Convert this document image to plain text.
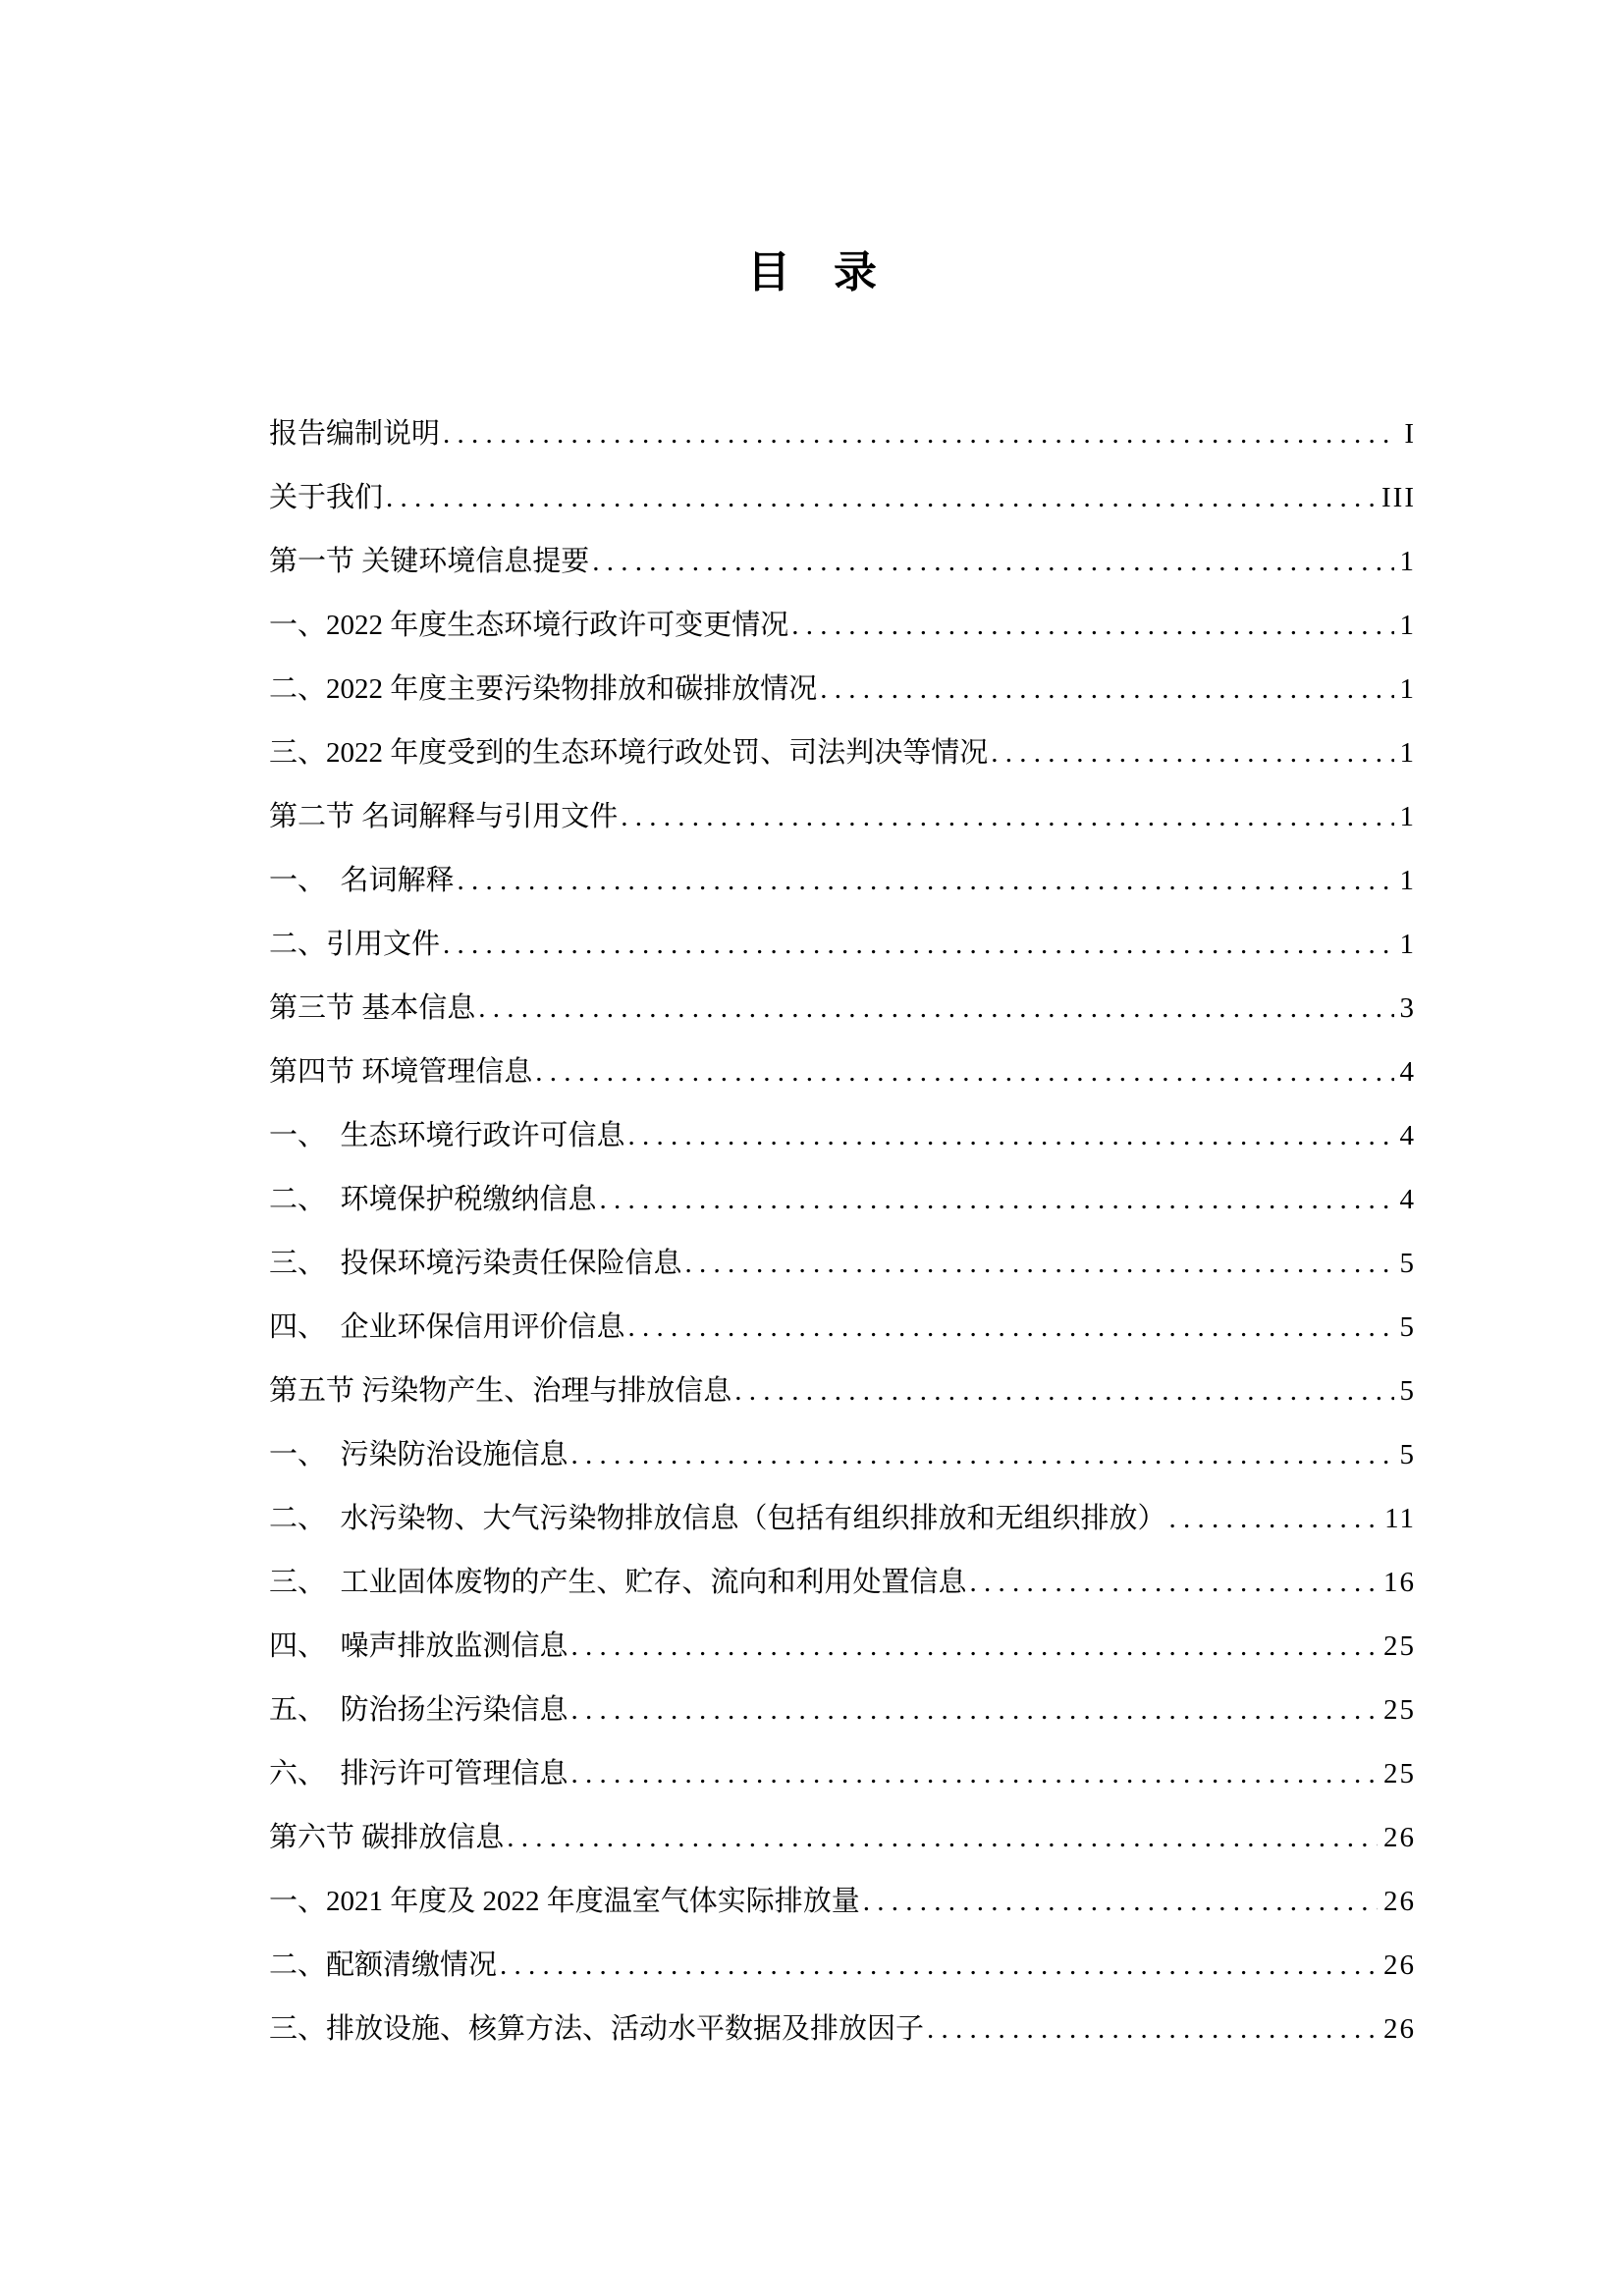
目　录
报告编制说明 . . .	I
关于我们 . . .	III
第一节 关键环境信息提要 . . .	1
一、2022 年度生态环境行政许可变更情况 . . .	1
二、2022 年度主要污染物排放和碳排放情况 . . .	1
三、2022 年度受到的生态环境行政处罚、司法判决等情况 . . .	1
第二节 名词解释与引用文件 . . .	1
一、　名词解释 . . .	1
二、引用文件 . . .	1
第三节 基本信息 . . .	3
第四节 环境管理信息 . . .	4
一、　生态环境行政许可信息 . . .	4
二、　环境保护税缴纳信息 . . .	4
三、　投保环境污染责任保险信息 . . .	5
四、　企业环保信用评价信息 . . .	5
第五节 污染物产生、治理与排放信息 . . .	5
一、　污染防治设施信息 . . .	5
二、　水污染物、大气污染物排放信息（包括有组织排放和无组织排放） . . .	11
三、　工业固体废物的产生、贮存、流向和利用处置信息 . . .	16
四、　噪声排放监测信息 . . .	25
五、　防治扬尘污染信息 . . .	25
六、　排污许可管理信息 . . .	25
第六节 碳排放信息 . . .	26
一、2021 年度及 2022 年度温室气体实际排放量 . . .	26
二、配额清缴情况 . . .	26
三、排放设施、核算方法、活动水平数据及排放因子 . . .	26
